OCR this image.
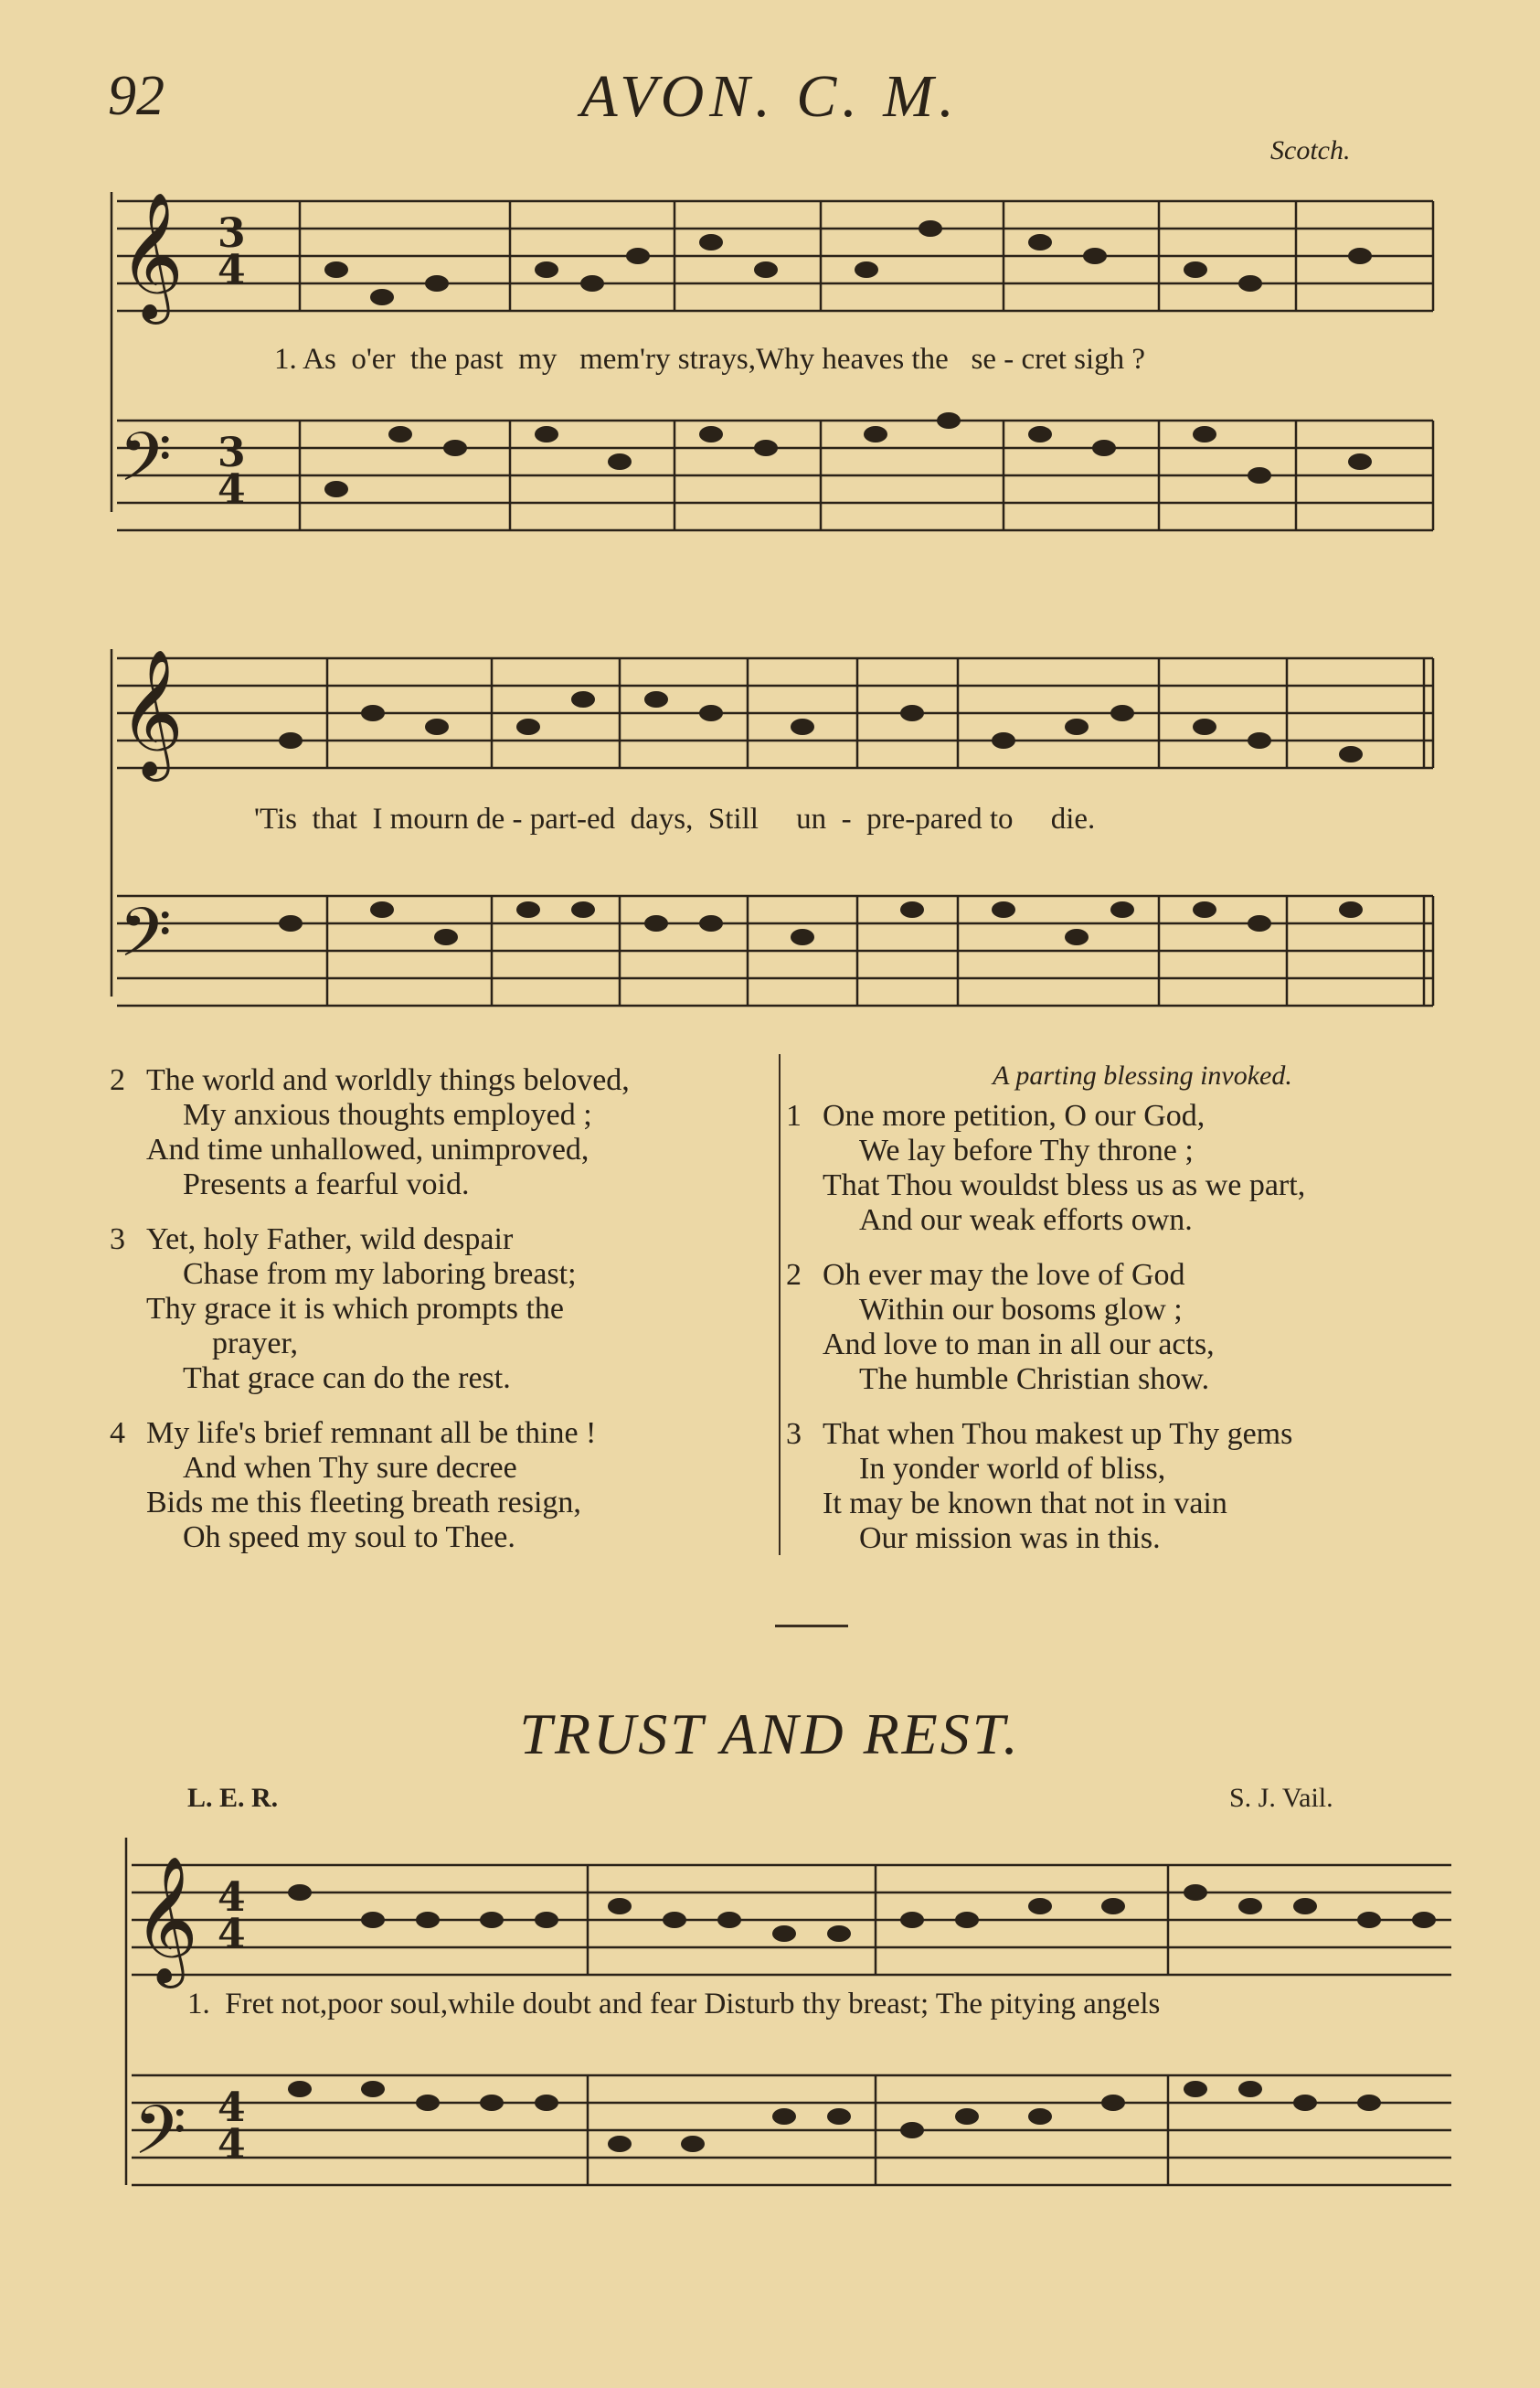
92	AVON. C. M.
Scotch.
𝄞
𝄢
3
4
3
4
1. As  o'er  the past  my   mem'ry strays,Why heaves the   se - cret sigh ?
𝄞
𝄢
'Tis  that  I mourn de - part-ed  days,  Still     un  -  pre-pared to     die.
2 The world and worldly things beloved,
My anxious thoughts employed ;
And time unhallowed, unimproved,
Presents a fearful void.
3 Yet, holy Father, wild despair
Chase from my laboring breast;
Thy grace it is which prompts the
prayer,
That grace can do the rest.
4 My life's brief remnant all be thine !
And when Thy sure decree
Bids me this fleeting breath resign,
Oh speed my soul to Thee.
A parting blessing invoked.
1 One more petition, O our God,
We lay before Thy throne ;
That Thou wouldst bless us as we part,
And our weak efforts own.
2 Oh ever may the love of God
Within our bosoms glow ;
And love to man in all our acts,
The humble Christian show.
3 That when Thou makest up Thy gems
In yonder world of bliss,
It may be known that not in vain
Our mission was in this.
TRUST AND REST.
L. E. R.	S. J. Vail.
𝄞
𝄢
4
4
4
4
1.  Fret not,poor soul,while doubt and fear Disturb thy breast; The pitying angels
